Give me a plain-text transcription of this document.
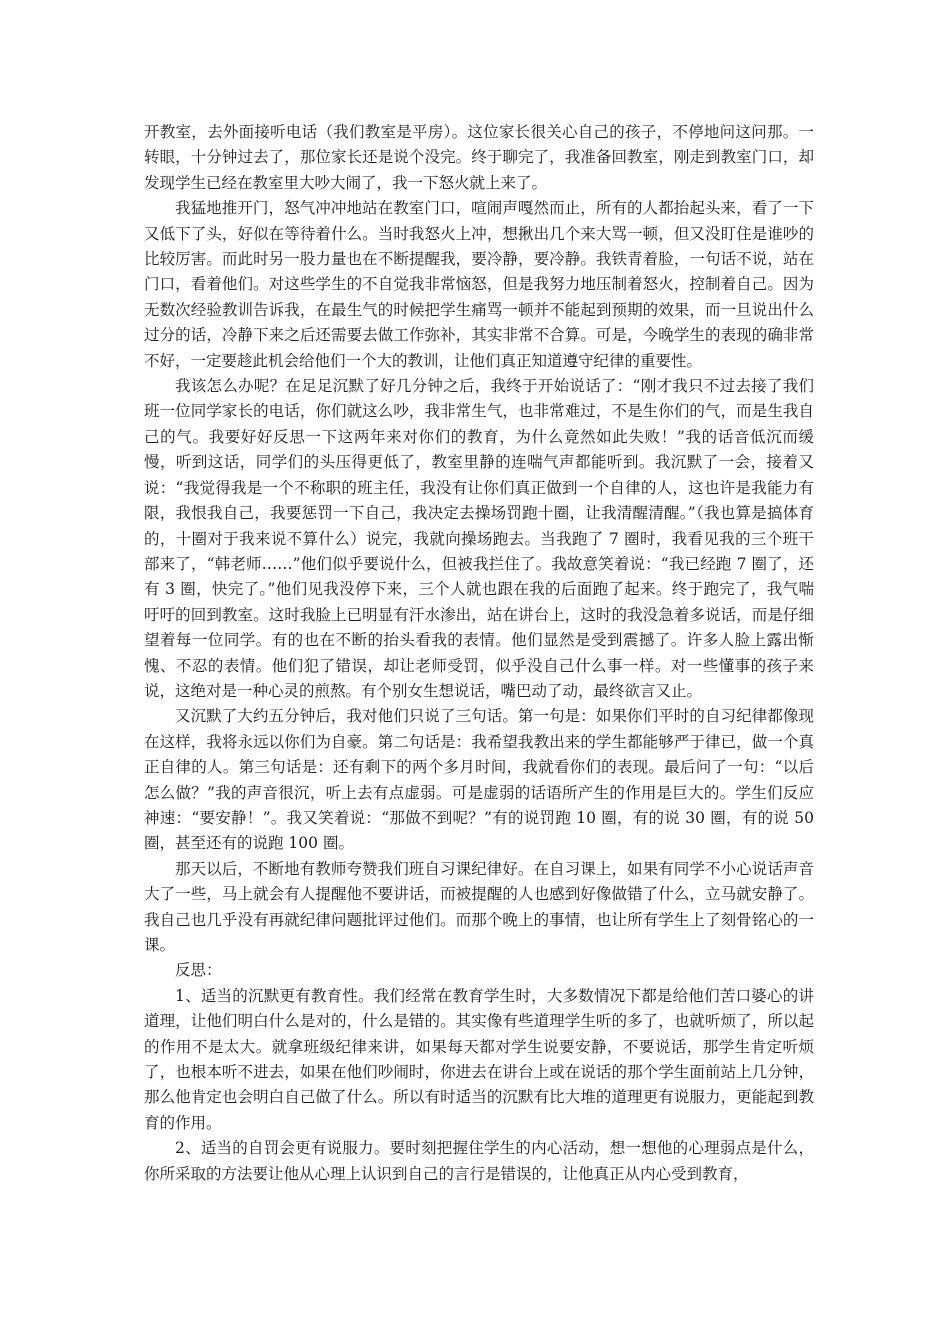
开教室，去外面接听电话（我们教室是平房）。这位家长很关心自己的孩子，不停地问这问那。一转眼，十分钟过去了，那位家长还是说个没完。终于聊完了，我准备回教室，刚走到教室门口，却发现学生已经在教室里大吵大闹了，我一下怒火就上来了。

我猛地推开门，怒气冲冲地站在教室门口，喧闹声嘎然而止，所有的人都抬起头来，看了一下又低下了头，好似在等待着什么。当时我怒火上冲，想揪出几个来大骂一顿，但又没盯住是谁吵的比较厉害。而此时另一股力量也在不断提醒我，要冷静，要冷静。我铁青着脸，一句话不说，站在门口，看着他们。对这些学生的不自觉我非常恼怒，但是我努力地压制着怒火，控制着自己。因为无数次经验教训告诉我，在最生气的时候把学生痛骂一顿并不能起到预期的效果，而一旦说出什么过分的话，冷静下来之后还需要去做工作弥补，其实非常不合算。可是，今晚学生的表现的确非常不好，一定要趁此机会给他们一个大的教训，让他们真正知道遵守纪律的重要性。

我该怎么办呢？在足足沉默了好几分钟之后，我终于开始说话了：“刚才我只不过去接了我们班一位同学家长的电话，你们就这么吵，我非常生气，也非常难过，不是生你们的气，而是生我自己的气。我要好好反思一下这两年来对你们的教育，为什么竟然如此失败！”我的话音低沉而缓慢，听到这话，同学们的头压得更低了，教室里静的连喘气声都能听到。我沉默了一会，接着又说：“我觉得我是一个不称职的班主任，我没有让你们真正做到一个自律的人，这也许是我能力有限，我恨我自己，我要惩罚一下自己，我决定去操场罚跑十圈，让我清醒清醒。”（我也算是搞体育的，十圈对于我来说不算什么）说完，我就向操场跑去。当我跑了 7 圈时，我看见我的三个班干部来了，“韩老师……”他们似乎要说什么，但被我拦住了。我故意笑着说：“我已经跑 7 圈了，还有 3 圈，快完了。”他们见我没停下来，三个人就也跟在我的后面跑了起来。终于跑完了，我气喘吁吁的回到教室。这时我脸上已明显有汗水渗出，站在讲台上，这时的我没急着多说话，而是仔细望着每一位同学。有的也在不断的抬头看我的表情。他们显然是受到震撼了。许多人脸上露出惭愧、不忍的表情。他们犯了错误，却让老师受罚，似乎没自己什么事一样。对一些懂事的孩子来说，这绝对是一种心灵的煎熬。有个别女生想说话，嘴巴动了动，最终欲言又止。

又沉默了大约五分钟后，我对他们只说了三句话。第一句是：如果你们平时的自习纪律都像现在这样，我将永远以你们为自豪。第二句话是：我希望我教出来的学生都能够严于律已，做一个真正自律的人。第三句话是：还有剩下的两个多月时间，我就看你们的表现。最后问了一句：“以后怎么做？”我的声音很沉，听上去有点虚弱。可是虚弱的话语所产生的作用是巨大的。学生们反应神速：“要安静！”。我又笑着说：“那做不到呢？”有的说罚跑 10 圈，有的说 30 圈，有的说 50 圈，甚至还有的说跑 100 圈。

那天以后，不断地有教师夸赞我们班自习课纪律好。在自习课上，如果有同学不小心说话声音大了一些，马上就会有人提醒他不要讲话，而被提醒的人也感到好像做错了什么，立马就安静了。我自己也几乎没有再就纪律问题批评过他们。而那个晚上的事情，也让所有学生上了刻骨铭心的一课。

反思：

1、适当的沉默更有教育性。我们经常在教育学生时，大多数情况下都是给他们苦口婆心的讲道理，让他们明白什么是对的，什么是错的。其实像有些道理学生听的多了，也就听烦了，所以起的作用不是太大。就拿班级纪律来讲，如果每天都对学生说要安静，不要说话，那学生肯定听烦了，也根本听不进去，如果在他们吵闹时，你进去在讲台上或在说话的那个学生面前站上几分钟，那么他肯定也会明白自己做了什么。所以有时适当的沉默有比大堆的道理更有说服力，更能起到教育的作用。

2、适当的自罚会更有说服力。要时刻把握住学生的内心活动，想一想他的心理弱点是什么，你所采取的方法要让他从心理上认识到自己的言行是错误的，让他真正从内心受到教育，
